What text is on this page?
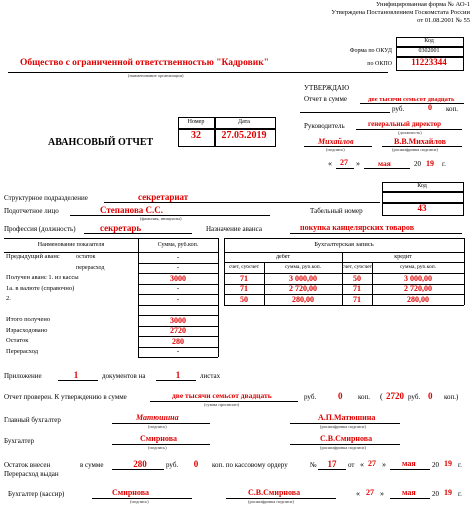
Унифицированная форма № АО-1
Утверждена Постановлением Госкомстата России
от 01.08.2001 № 55
Код
0302001
Форма по ОКУД
11223344
по ОКПО
Общество с ограниченной ответственностью "Кадровик"
(наименование организации)
УТВЕРЖДАЮ
Отчет в сумме	две тысячи семьсот двадцать
руб.	0 коп.
Руководитель	генеральный директор
(должность)
Михайлов	В.В.Михайлов
(подпись)	(расшифровка подписи)
« 27 » мая	20 19 г.
АВАНСОВЫЙ ОТЧЕТ
Номер	Дата
32	27.05.2019
Код
43
Структурное подразделение	секретариат
Подотчетное лицо	Степанова С.С.
(фамилия, инициалы)
Табельный номер
Профессия (должность)	секретарь	Назначение аванса	покупка канцелярских товаров
Наименование показателя	Сумма, руб.коп.
Предыдущий аванс	остаток	-
перерасход	-
Получен аванс 1. из кассы	3000
1а. в валюте (справочно)	-
2.	-
Итого получено	3000
Израсходовано	2720
Остаток	280
Перерасход	-
Бухгалтерская запись
дебет	кредит
счет, субсчет	сумма, руб.коп.	счет, субсчет	сумма, руб.коп.
71	3 000,00	50	3 000,00
71	2 720,00	71	2 720,00
50	280,00	71	280,00
Приложение	1	документов на	1	листах
Отчет проверен. К утверждению в сумме	две тысячи семьсот двадцать
(сумма прописью)
руб. 0 коп. ( 2720 руб. 0 коп.)
Главный бухгалтер	Матюшина
(подпись)
А.П.Матюшина
(расшифровка подписи)
Бухгалтер	Смирнова
(подпись)
С.В.Смирнова
(расшифровка подписи)
Остаток внесен
Перерасход выдан
в сумме	280	руб.	0	коп. по кассовому ордеру	№	17	от « 27 » мая 20 19 г.
Бухгалтер (кассир)	Смирнова
(подпись)
С.В.Смирнова
(расшифровка подписи)
« 27 » мая 20 19 г.
